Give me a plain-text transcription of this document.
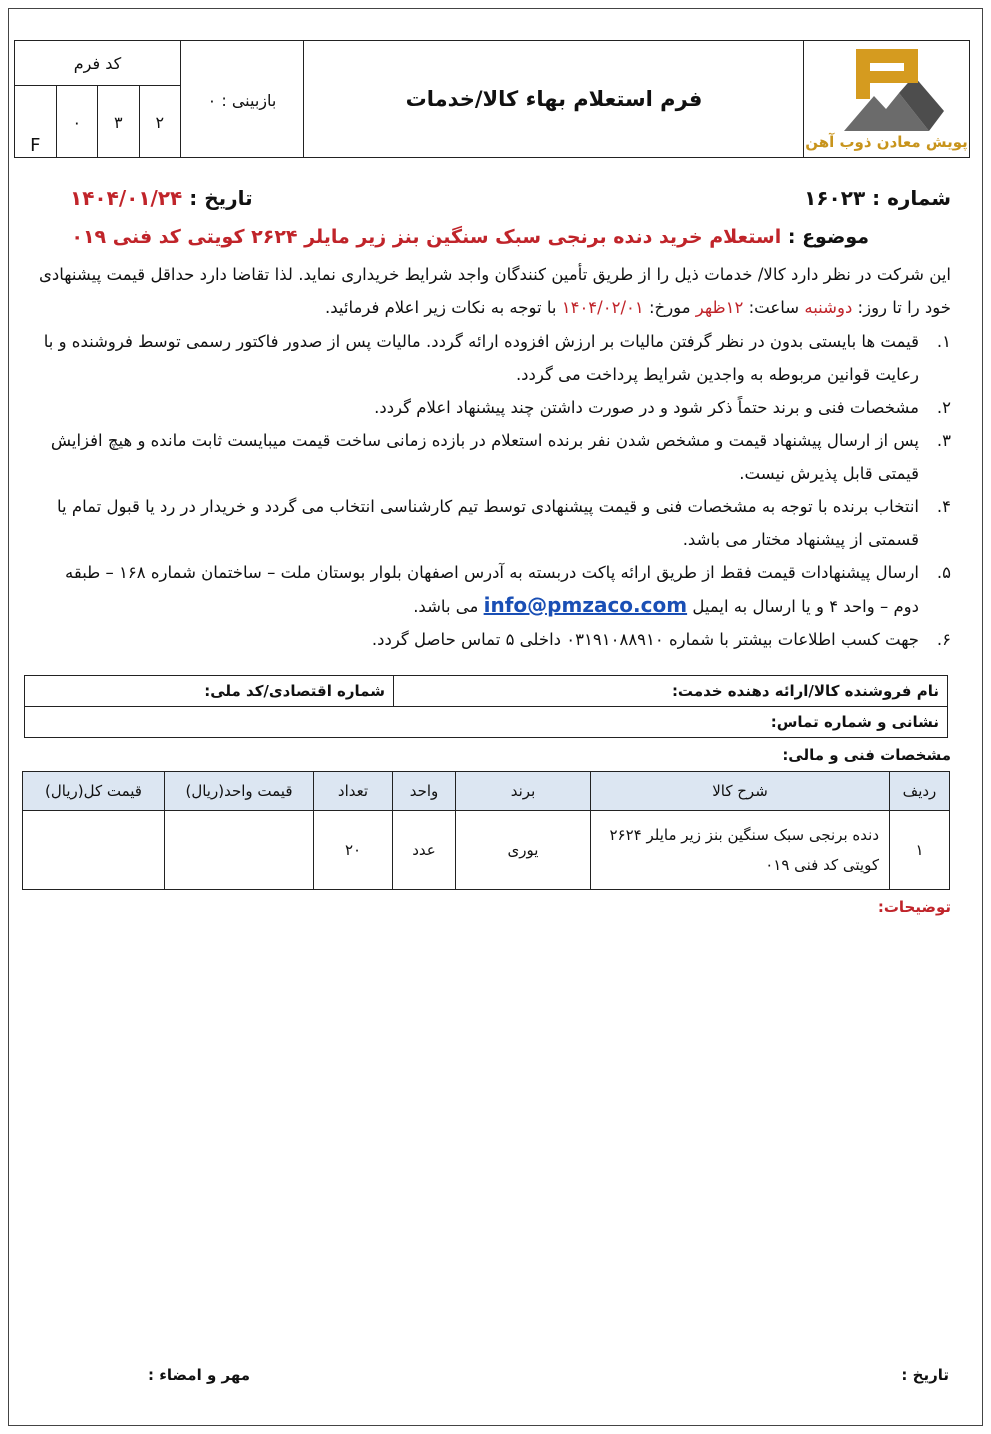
پویش معادن ذوب آهن
فرم استعلام بهاء کالا/خدمات
بازبینی : ۰
کد فرم
F
۰	۳	۲
شماره : ۱۶۰۲۳
تاریخ : ۱۴۰۴/۰۱/۲۴
موضوع : استعلام خرید دنده برنجی سبک سنگین بنز زیر مایلر ۲۶۲۴ کویتی کد فنی ۰۱۹
این شرکت در نظر دارد کالا/ خدمات ذیل را از طریق تأمین کنندگان واجد شرایط خریداری نماید. لذا تقاضا دارد حداقل قیمت پیشنهادی خود را تا روز: دوشنبه ساعت: ۱۲ظهر مورخ: ۱۴۰۴/۰۲/۰۱ با توجه به نکات زیر اعلام فرمائید.
۱.
قیمت ها بایستی بدون در نظر گرفتن مالیات بر ارزش افزوده ارائه گردد. مالیات پس از صدور فاکتور رسمی توسط فروشنده و با رعایت قوانین مربوطه به واجدین شرایط پرداخت می گردد.
۲.
مشخصات فنی و برند حتماً ذکر شود و در صورت داشتن چند پیشنهاد اعلام گردد.
۳.
پس از ارسال پیشنهاد قیمت و مشخص شدن نفر برنده استعلام در بازده زمانی ساخت قیمت میبایست ثابت مانده و هیچ افزایش قیمتی قابل پذیرش نیست.
۴.
انتخاب برنده با توجه به مشخصات فنی و قیمت پیشنهادی توسط تیم کارشناسی انتخاب می گردد و خریدار در رد یا قبول تمام یا قسمتی از پیشنهاد مختار می باشد.
۵.
ارسال پیشنهادات قیمت فقط از طریق ارائه پاکت دربسته به آدرس اصفهان بلوار بوستان ملت – ساختمان شماره ۱۶۸ – طبقه دوم – واحد ۴ و یا ارسال به ایمیل info@pmzaco.com می باشد.
۶.
جهت کسب اطلاعات بیشتر با شماره ۰۳۱۹۱۰۸۸۹۱۰ داخلی ۵ تماس حاصل گردد.
نام فروشنده کالا/ارائه دهنده خدمت:
شماره اقتصادی/کد ملی:
نشانی و شماره تماس:
مشخصات فنی و مالی:
ردیف	شرح کالا	برند	واحد	تعداد	قیمت واحد(ریال)	قیمت کل(ریال)
۱	دنده برنجی سبک سنگین بنز زیر مایلر ۲۶۲۴ کویتی کد فنی ۰۱۹	یوری	عدد	۲۰		
توضیحات:
تاریخ :
مهر و امضاء :
